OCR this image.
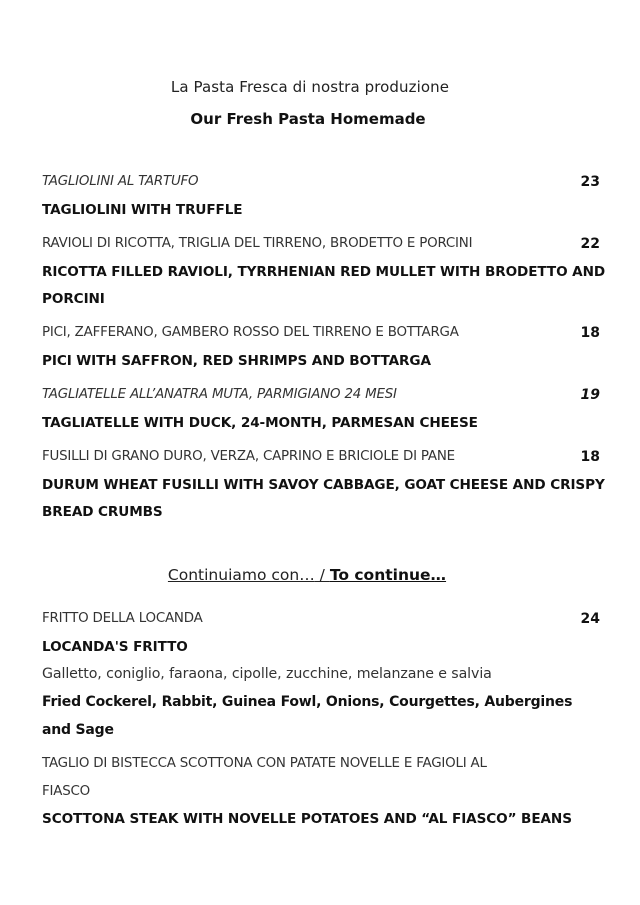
La Pasta Fresca di nostra produzione
Our Fresh Pasta Homemade
TAGLIOLINI AL TARTUFO	23
TAGLIOLINI WITH TRUFFLE
RAVIOLI DI RICOTTA, TRIGLIA DEL TIRRENO, BRODETTO E PORCINI	22
RICOTTA FILLED RAVIOLI, TYRRHENIAN RED MULLET WITH BRODETTO AND
PORCINI
PICI, ZAFFERANO, GAMBERO ROSSO DEL TIRRENO E BOTTARGA	18
PICI WITH SAFFRON, RED SHRIMPS AND BOTTARGA
TAGLIATELLE ALL’ANATRA MUTA, PARMIGIANO 24 MESI	19
TAGLIATELLE WITH DUCK, 24-MONTH, PARMESAN CHEESE
FUSILLI DI GRANO DURO, VERZA, CAPRINO E BRICIOLE DI PANE	18
DURUM WHEAT FUSILLI WITH SAVOY CABBAGE, GOAT CHEESE AND CRISPY
BREAD CRUMBS
Continuiamo con… / To continue…
FRITTO DELLA LOCANDA	24
LOCANDA'S FRITTO
Galletto, coniglio, faraona, cipolle, zucchine, melanzane e salvia
Fried Cockerel, Rabbit, Guinea Fowl, Onions, Courgettes, Aubergines
and Sage
TAGLIO DI BISTECCA SCOTTONA CON PATATE NOVELLE E FAGIOLI AL
FIASCO
SCOTTONA STEAK WITH NOVELLE POTATOES AND “AL FIASCO” BEANS
